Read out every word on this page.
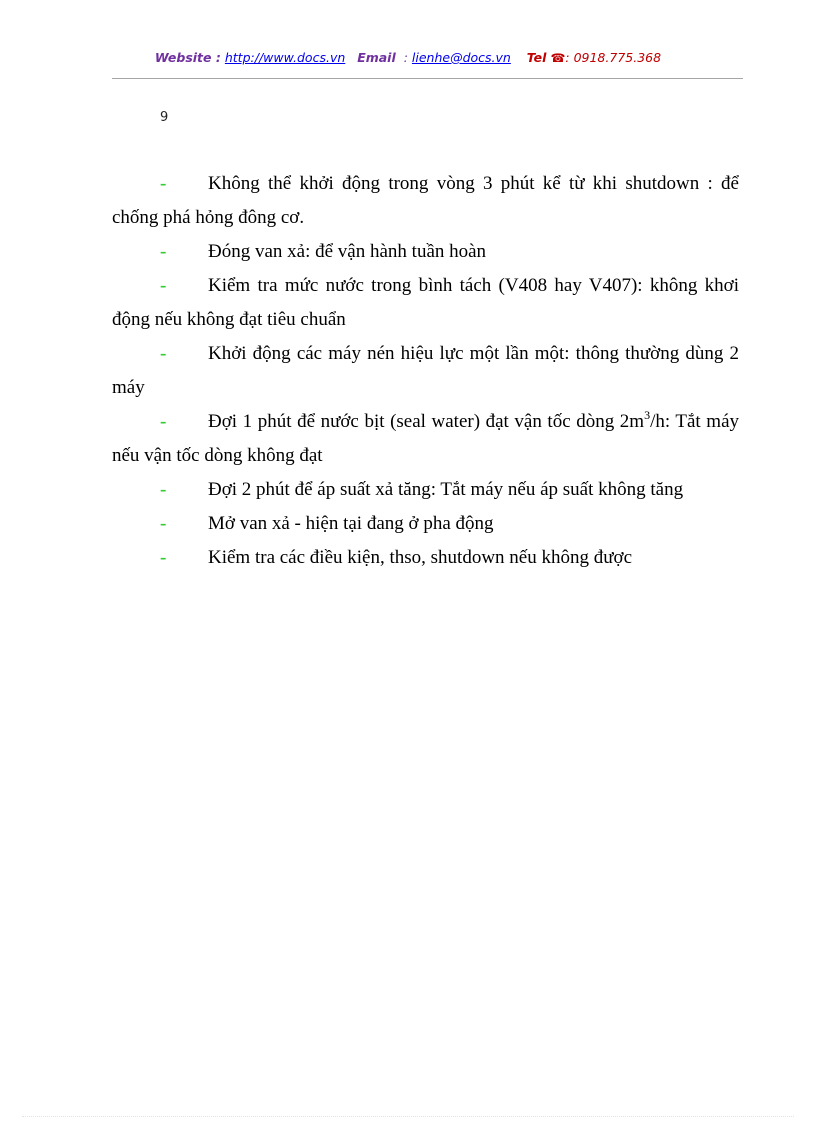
Website : http://www.docs.vn Email : lienhe@docs.vn Tel ☎: 0918.775.368
9
- Không thể khởi động trong vòng 3 phút kể từ khi shutdown : để chống phá hỏng đông cơ.
- Đóng van xả: để vận hành tuần hoàn
- Kiểm tra mức nước trong bình tách (V408 hay V407): không khơi động nếu không đạt tiêu chuẩn
- Khởi động các máy nén hiệu lực một lần một: thông thường dùng 2 máy
- Đợi 1 phút để nước bịt (seal water) đạt vận tốc dòng $2m^3/h$: Tắt máy nếu vận tốc dòng không đạt
- Đợi 2 phút để áp suất xả tăng: Tắt máy nếu áp suất không tăng
- Mở van xả - hiện tại đang ở pha động
- Kiểm tra các điều kiện, thso, shutdown nếu không được
